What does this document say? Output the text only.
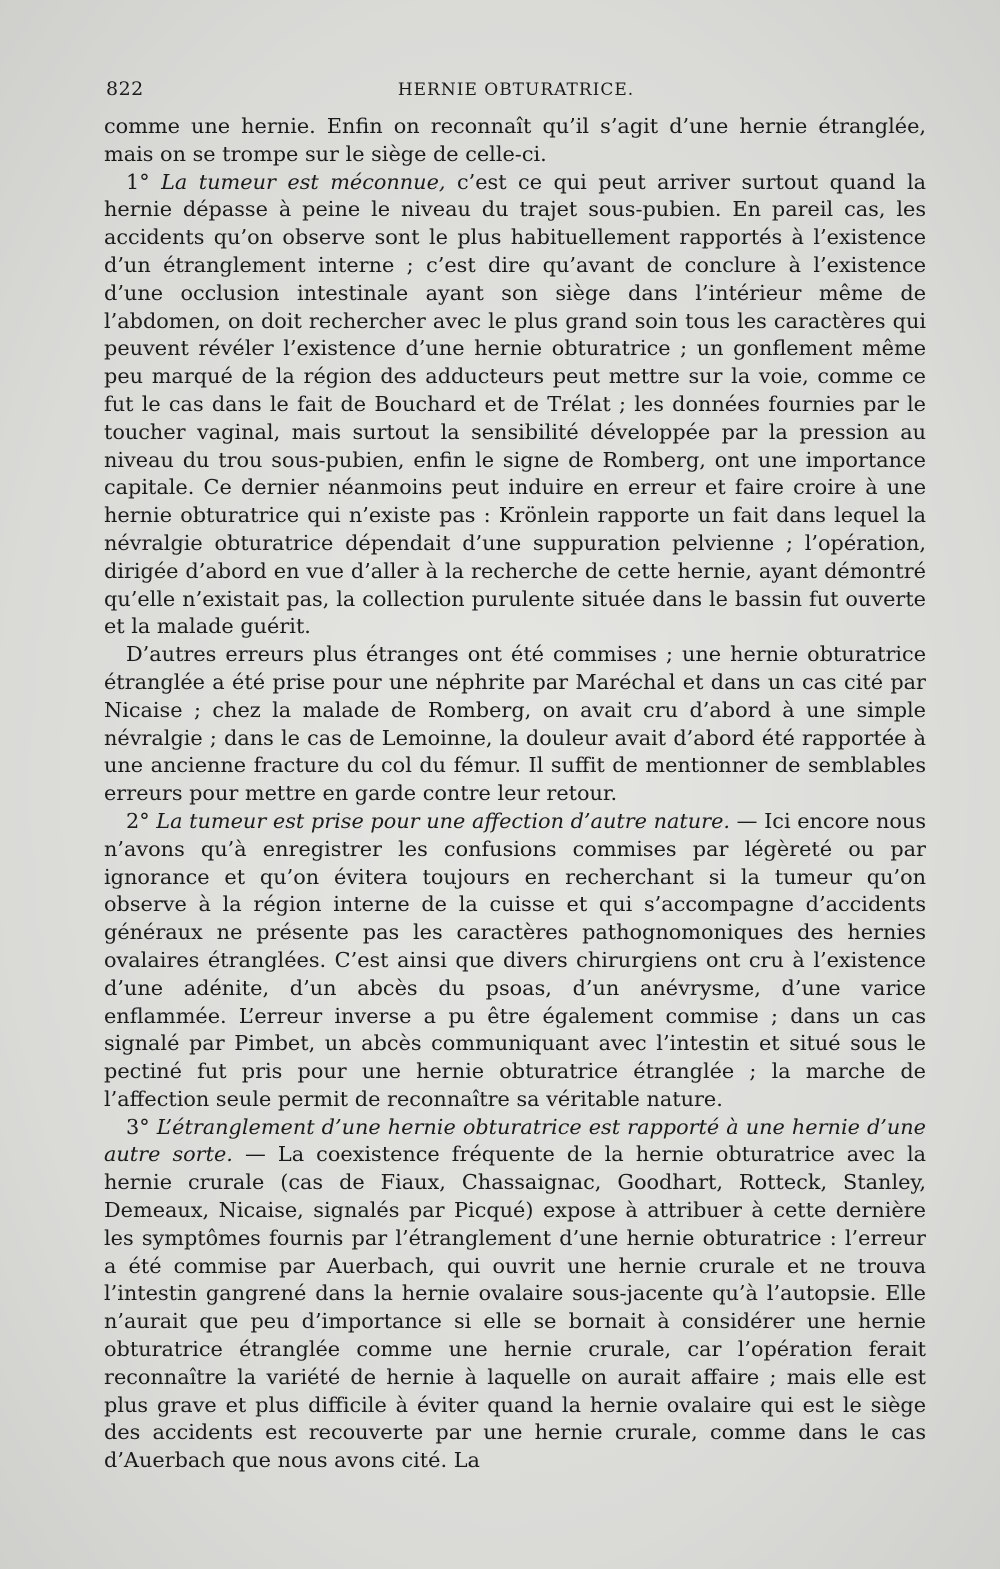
822	HERNIE OBTURATRICE.

comme une hernie. Enfin on reconnaît qu’il s’agit d’une hernie étranglée, mais on se trompe sur le siège de celle-ci.

1° La tumeur est méconnue, c’est ce qui peut arriver surtout quand la hernie dépasse à peine le niveau du trajet sous-pubien. En pareil cas, les accidents qu’on observe sont le plus habituellement rapportés à l’existence d’un étranglement interne ; c’est dire qu’avant de conclure à l’existence d’une occlusion intestinale ayant son siège dans l’intérieur même de l’abdomen, on doit rechercher avec le plus grand soin tous les caractères qui peuvent révéler l’existence d’une hernie obturatrice ; un gonflement même peu marqué de la région des adducteurs peut mettre sur la voie, comme ce fut le cas dans le fait de Bouchard et de Trélat ; les données fournies par le toucher vaginal, mais surtout la sensibilité développée par la pression au niveau du trou sous-pubien, enfin le signe de Romberg, ont une importance capitale. Ce dernier néanmoins peut induire en erreur et faire croire à une hernie obturatrice qui n’existe pas : Krönlein rapporte un fait dans lequel la névralgie obturatrice dépendait d’une suppuration pelvienne ; l’opération, dirigée d’abord en vue d’aller à la recherche de cette hernie, ayant démontré qu’elle n’existait pas, la collection purulente située dans le bassin fut ouverte et la malade guérit.

D’autres erreurs plus étranges ont été commises ; une hernie obturatrice étranglée a été prise pour une néphrite par Maréchal et dans un cas cité par Nicaise ; chez la malade de Romberg, on avait cru d’abord à une simple névralgie ; dans le cas de Lemoinne, la douleur avait d’abord été rapportée à une ancienne fracture du col du fémur. Il suffit de mentionner de semblables erreurs pour mettre en garde contre leur retour.

2° La tumeur est prise pour une affection d’autre nature. — Ici encore nous n’avons qu’à enregistrer les confusions commises par légèreté ou par ignorance et qu’on évitera toujours en recherchant si la tumeur qu’on observe à la région interne de la cuisse et qui s’accompagne d’accidents généraux ne présente pas les caractères pathognomoniques des hernies ovalaires étranglées. C’est ainsi que divers chirurgiens ont cru à l’existence d’une adénite, d’un abcès du psoas, d’un anévrysme, d’une varice enflammée. L’erreur inverse a pu être également commise ; dans un cas signalé par Pimbet, un abcès communiquant avec l’intestin et situé sous le pectiné fut pris pour une hernie obturatrice étranglée ; la marche de l’affection seule permit de reconnaître sa véritable nature.

3° L’étranglement d’une hernie obturatrice est rapporté à une hernie d’une autre sorte. — La coexistence fréquente de la hernie obturatrice avec la hernie crurale (cas de Fiaux, Chassaignac, Goodhart, Rotteck, Stanley, Demeaux, Nicaise, signalés par Picqué) expose à attribuer à cette dernière les symptômes fournis par l’étranglement d’une hernie obturatrice : l’erreur a été commise par Auerbach, qui ouvrit une hernie crurale et ne trouva l’intestin gangrené dans la hernie ovalaire sous-jacente qu’à l’autopsie. Elle n’aurait que peu d’importance si elle se bornait à considérer une hernie obturatrice étranglée comme une hernie crurale, car l’opération ferait reconnaître la variété de hernie à laquelle on aurait affaire ; mais elle est plus grave et plus difficile à éviter quand la hernie ovalaire qui est le siège des accidents est recouverte par une hernie crurale, comme dans le cas d’Auerbach que nous avons cité. La
